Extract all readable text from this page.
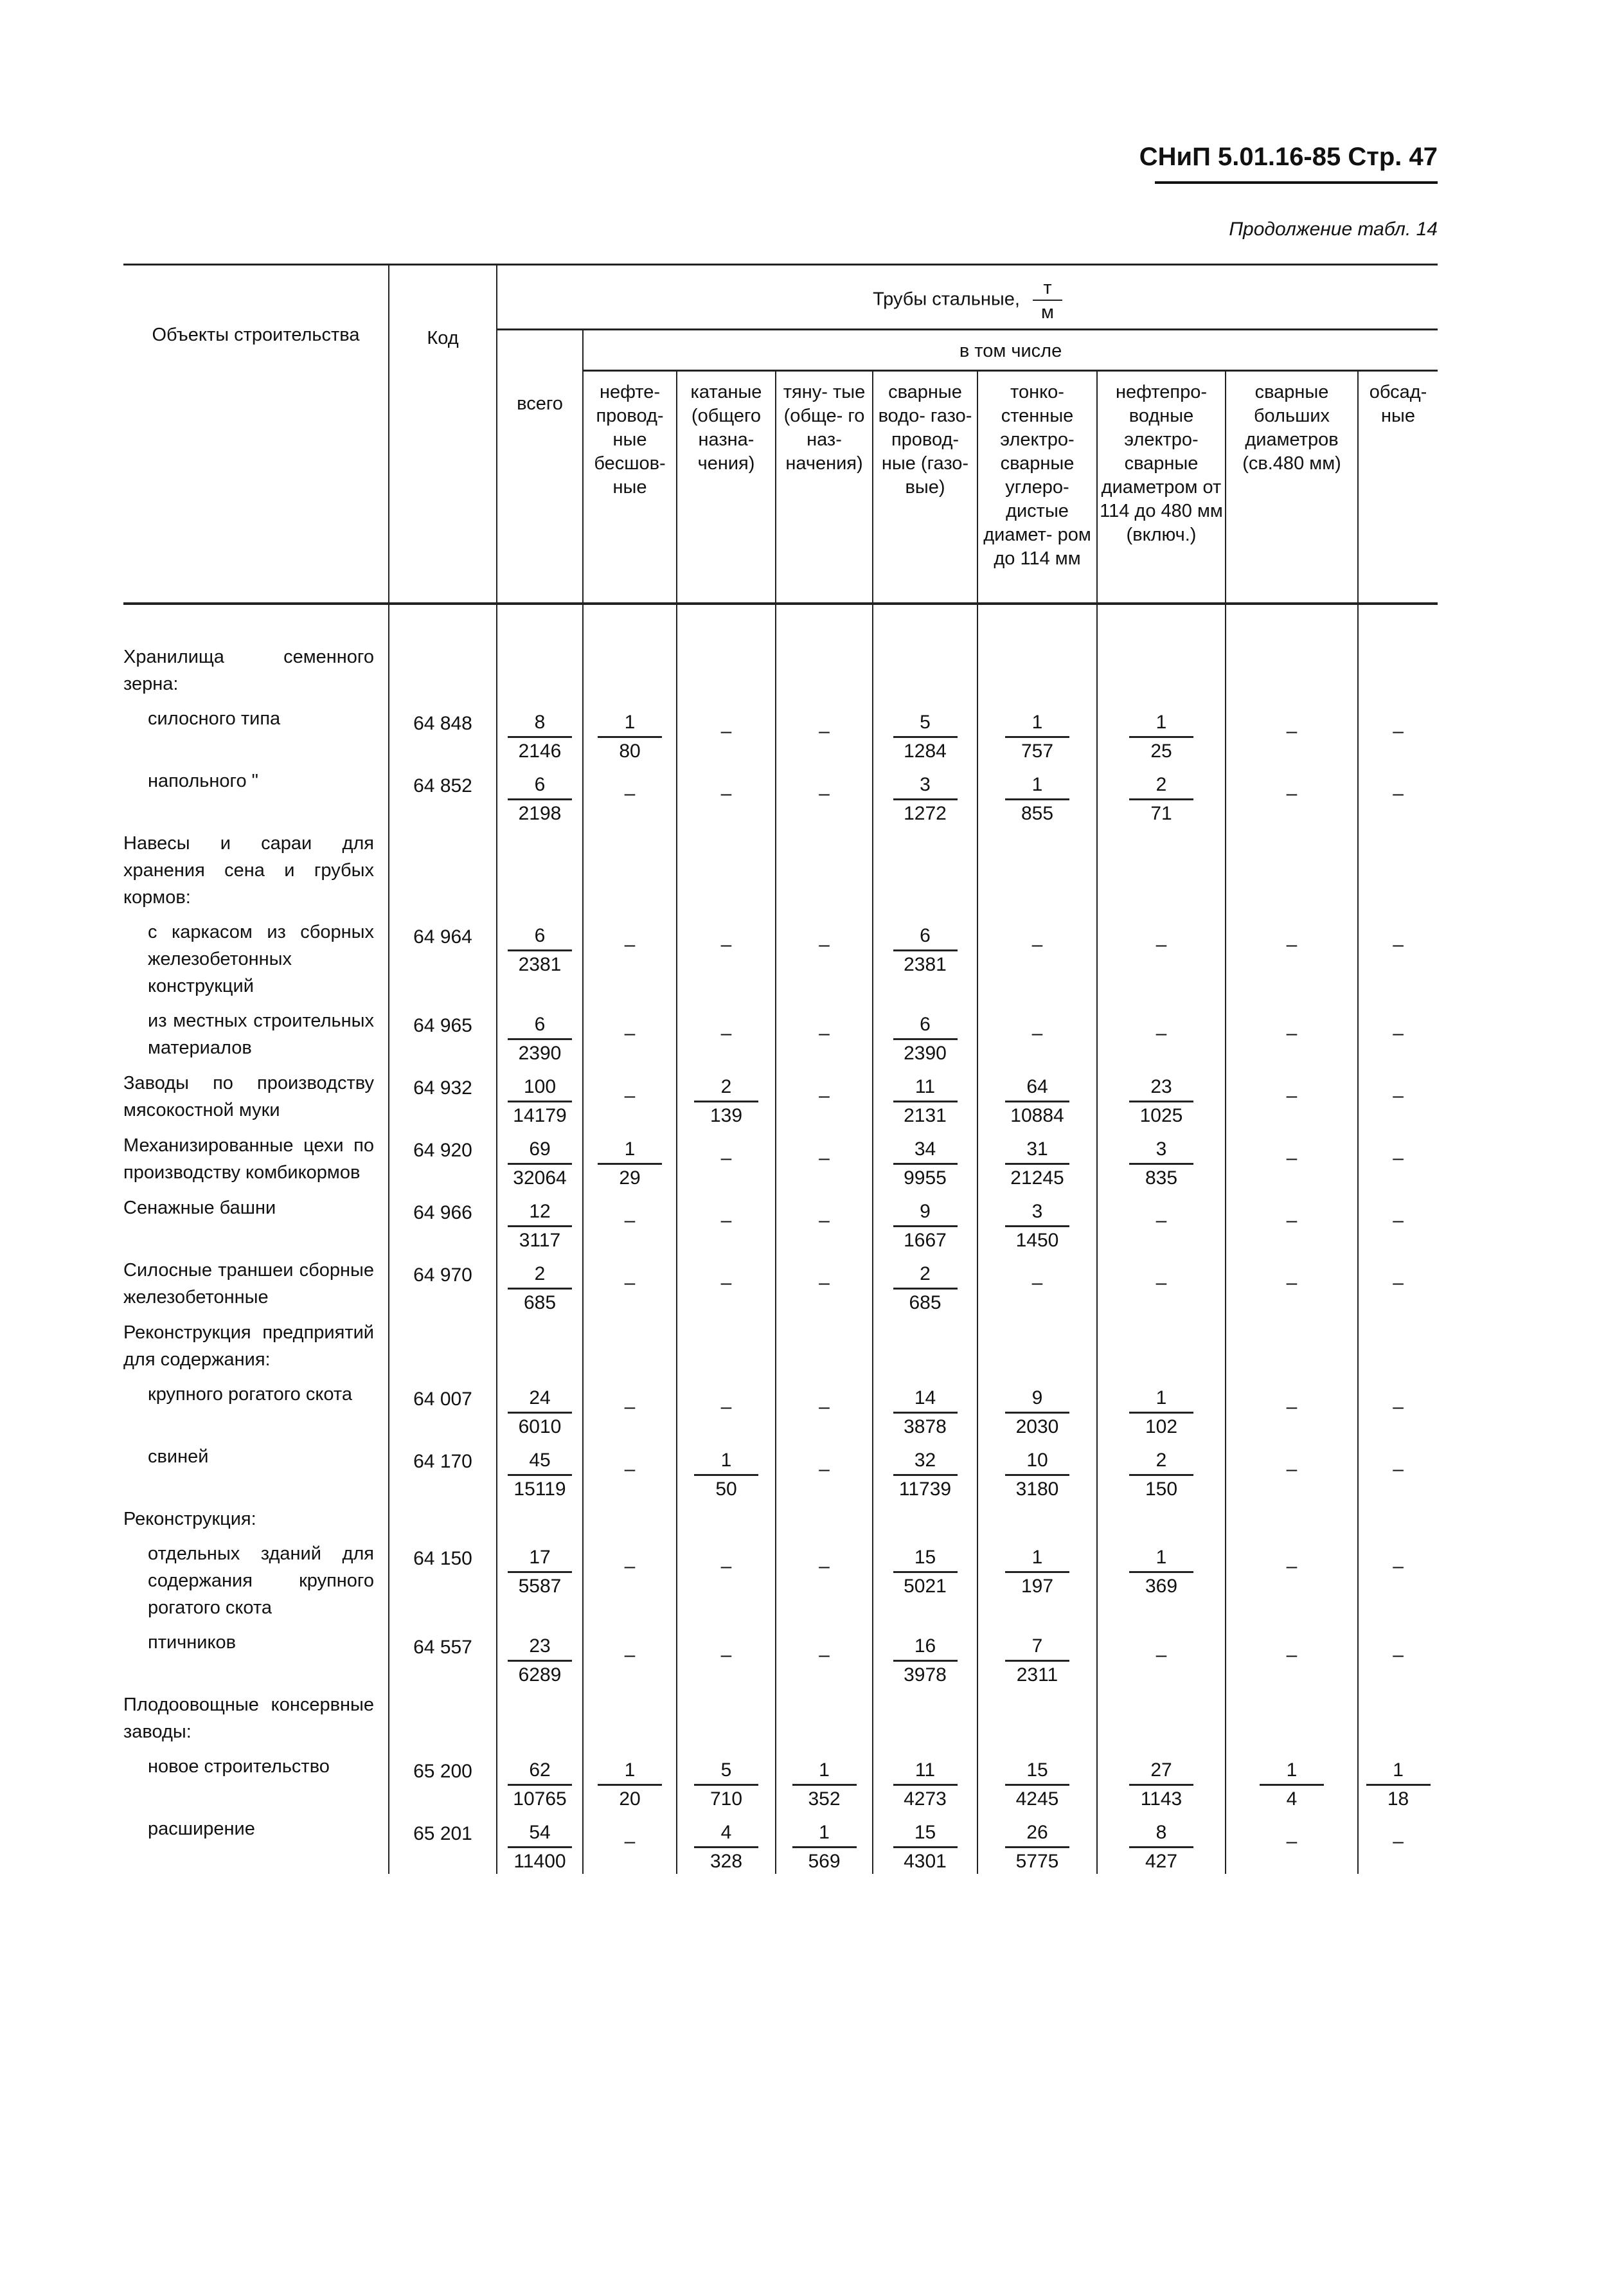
СНиП 5.01.16-85 Стр. 47
Продолжение табл. 14
Объекты строительства	Код	Трубы стальные, $\frac{т}{м}$

		всего	в том числе							
			нефте- провод- ные бесшов- ные	катаные (общего назна- чения)	тяну- тые (обще- го наз- начения)	сварные водо- газо- провод- ные (газо- вые)	тонко- стенные электро- сварные углеро- дистые диамет- ром до 114 мм	нефтепро- водные электро- сварные диаметром от 114 до 480 мм (включ.)	сварные больших диаметров (св.480 мм)	обсад- ные
Хранилища семенного зерна:										
силосного типа	64 848	$\frac{8}{2146}$	$\frac{1}{80}$	–	–	$\frac{5}{1284}$	$\frac{1}{757}$	$\frac{1}{25}$	–	–
напольного "	64 852	$\frac{6}{2198}$	–	–	–	$\frac{3}{1272}$	$\frac{1}{855}$	$\frac{2}{71}$	–	–
Навесы и сараи для хранения сена и грубых кормов:										
с каркасом из сборных железобетонных конструкций	64 964	$\frac{6}{2381}$	–	–	–	$\frac{6}{2381}$	–	–	–	–
из местных строительных материалов	64 965	$\frac{6}{2390}$	–	–	–	$\frac{6}{2390}$	–	–	–	–
Заводы по производству мясокостной муки	64 932	$\frac{100}{14179}$	–	$\frac{2}{139}$	–	$\frac{11}{2131}$	$\frac{64}{10884}$	$\frac{23}{1025}$	–	–
Механизированные цехи по производству комбикормов	64 920	$\frac{69}{32064}$	$\frac{1}{29}$	–	–	$\frac{34}{9955}$	$\frac{31}{21245}$	$\frac{3}{835}$	–	–
Сенажные башни	64 966	$\frac{12}{3117}$	–	–	–	$\frac{9}{1667}$	$\frac{3}{1450}$	–	–	–
Силосные траншеи сборные железобетонные	64 970	$\frac{2}{685}$	–	–	–	$\frac{2}{685}$	–	–	–	–
Реконструкция предприятий для содержания:										
крупного рогатого скота	64 007	$\frac{24}{6010}$	–	–	–	$\frac{14}{3878}$	$\frac{9}{2030}$	$\frac{1}{102}$	–	–
свиней	64 170	$\frac{45}{15119}$	–	$\frac{1}{50}$	–	$\frac{32}{11739}$	$\frac{10}{3180}$	$\frac{2}{150}$	–	–
Реконструкция:										
отдельных зданий для содержания крупного рогатого скота	64 150	$\frac{17}{5587}$	–	–	–	$\frac{15}{5021}$	$\frac{1}{197}$	$\frac{1}{369}$	–	–
птичников	64 557	$\frac{23}{6289}$	–	–	–	$\frac{16}{3978}$	$\frac{7}{2311}$	–	–	–
Плодоовощные консервные заводы:										
новое строительство	65 200	$\frac{62}{10765}$	$\frac{1}{20}$	$\frac{5}{710}$	$\frac{1}{352}$	$\frac{11}{4273}$	$\frac{15}{4245}$	$\frac{27}{1143}$	$\frac{1}{4}$	$\frac{1}{18}$

расширение	65 201	$\frac{54}{11400}$	–	$\frac{4}{328}$	$\frac{1}{569}$	$\frac{15}{4301}$	$\frac{26}{5775}$	$\frac{8}{427}$	–	–
